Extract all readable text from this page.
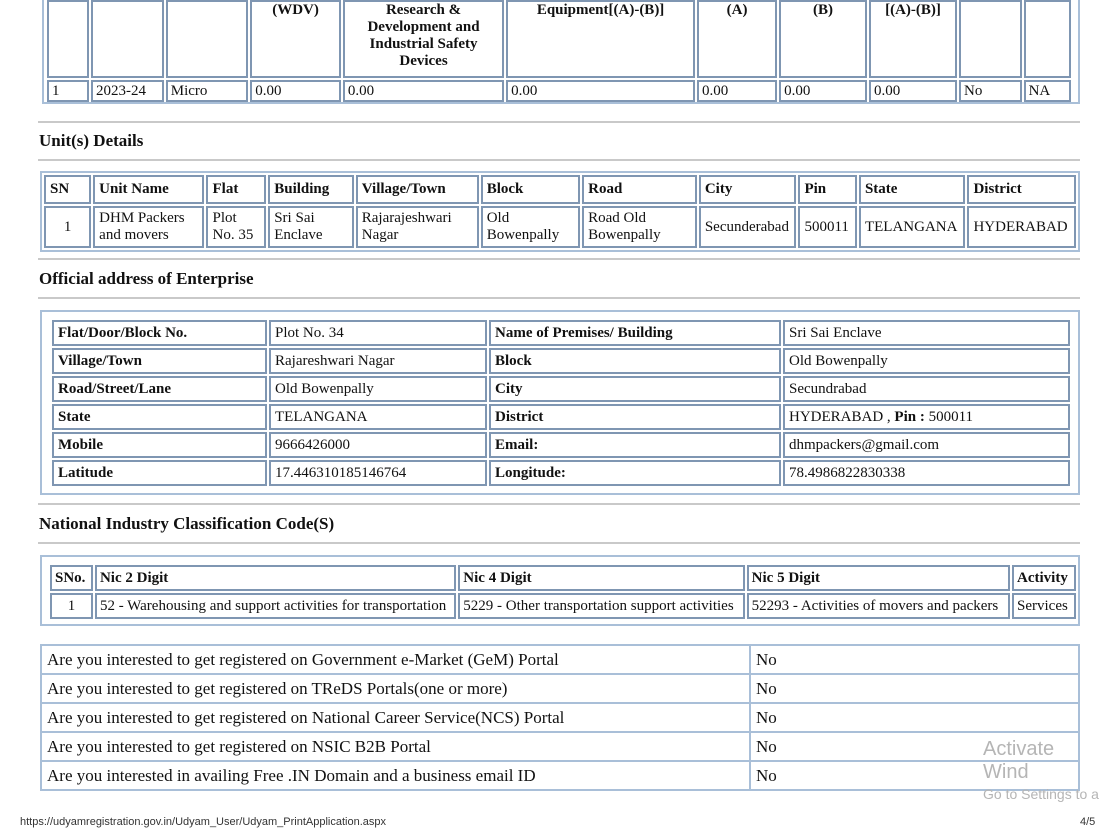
			(WDV)	Research & Development and Industrial Safety Devices	Equipment[(A)-(B)]	(A)	(B)	[(A)-(B)]		
1	2023-24	Micro	0.00	0.00	0.00	0.00	0.00	0.00	No	NA
Unit(s) Details
SN	Unit Name	Flat	Building	Village/Town	Block	Road	City	Pin	State	District
1	DHM Packers and movers	Plot No. 35	Sri Sai Enclave	Rajarajeshwari Nagar	Old Bowenpally	Road Old Bowenpally	Secunderabad	500011	TELANGANA	HYDERABAD
Official address of Enterprise
Flat/Door/Block No.	Plot No. 34	Name of Premises/ Building	Sri Sai Enclave
Village/Town	Rajareshwari Nagar	Block	Old Bowenpally
Road/Street/Lane	Old Bowenpally	City	Secundrabad
State	TELANGANA	District	HYDERABAD , Pin : 500011
Mobile	9666426000	Email:	dhmpackers@gmail.com
Latitude	17.446310185146764	Longitude:	78.4986822830338
National Industry Classification Code(S)
SNo.	Nic 2 Digit	Nic 4 Digit	Nic 5 Digit	Activity
1	52 - Warehousing and support activities for transportation	5229 - Other transportation support activities	52293 - Activities of movers and packers	Services
Are you interested to get registered on Government e-Market (GeM) Portal	No
Are you interested to get registered on TReDS Portals(one or more)	No
Are you interested to get registered on National Career Service(NCS) Portal	No
Are you interested to get registered on NSIC B2B Portal	No
Are you interested in availing Free .IN Domain and a business email ID	No
Activate Wind
Go to Settings to a
https://udyamregistration.gov.in/Udyam_User/Udyam_PrintApplication.aspx	4/5
